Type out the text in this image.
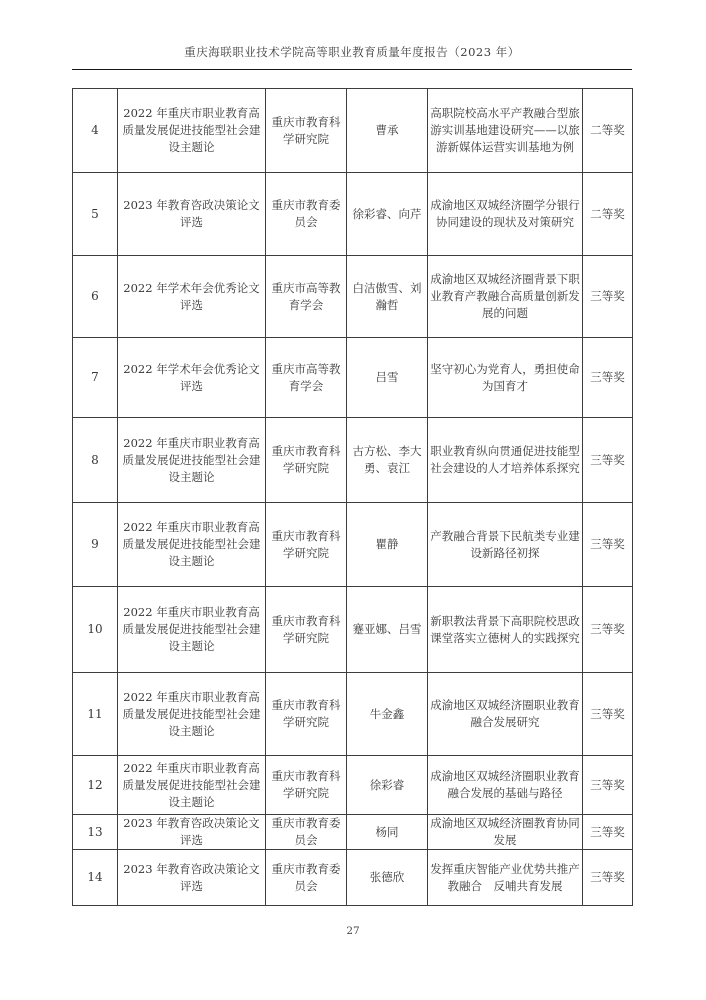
重庆海联职业技术学院高等职业教育质量年度报告（2023 年）
4	2022 年重庆市职业教育高质量发展促进技能型社会建设主题论	重庆市教育科学研究院	曹承	高职院校高水平产教融合型旅游实训基地建设研究——以旅游新媒体运营实训基地为例	二等奖
5	2023 年教育咨政决策论文评选	重庆市教育委员会	徐彩睿、向芹	成渝地区双城经济圈学分银行协同建设的现状及对策研究	二等奖
6	2022 年学术年会优秀论文评选	重庆市高等教育学会	白洁傲雪、刘瀚哲	成渝地区双城经济圈背景下职业教育产教融合高质量创新发展的问题	三等奖
7	2022 年学术年会优秀论文评选	重庆市高等教育学会	吕雪	坚守初心为党育人，勇担使命为国育才	三等奖
8	2022 年重庆市职业教育高质量发展促进技能型社会建设主题论	重庆市教育科学研究院	古方松、李大勇、袁江	职业教育纵向贯通促进技能型社会建设的人才培养体系探究	三等奖
9	2022 年重庆市职业教育高质量发展促进技能型社会建设主题论	重庆市教育科学研究院	瞿静	产教融合背景下民航类专业建设新路径初探	三等奖
10	2022 年重庆市职业教育高质量发展促进技能型社会建设主题论	重庆市教育科学研究院	蹇亚娜、吕雪	新职教法背景下高职院校思政课堂落实立德树人的实践探究	三等奖
11	2022 年重庆市职业教育高质量发展促进技能型社会建设主题论	重庆市教育科学研究院	牛金鑫	成渝地区双城经济圈职业教育融合发展研究	三等奖
12	2022 年重庆市职业教育高质量发展促进技能型社会建设主题论	重庆市教育科学研究院	徐彩睿	成渝地区双城经济圈职业教育融合发展的基础与路径	三等奖
13	2023 年教育咨政决策论文评选	重庆市教育委员会	杨同	成渝地区双城经济圈教育协同发展	三等奖
14	2023 年教育咨政决策论文评选	重庆市教育委员会	张德欣	发挥重庆智能产业优势共推产教融合　反哺共育发展	三等奖
27
